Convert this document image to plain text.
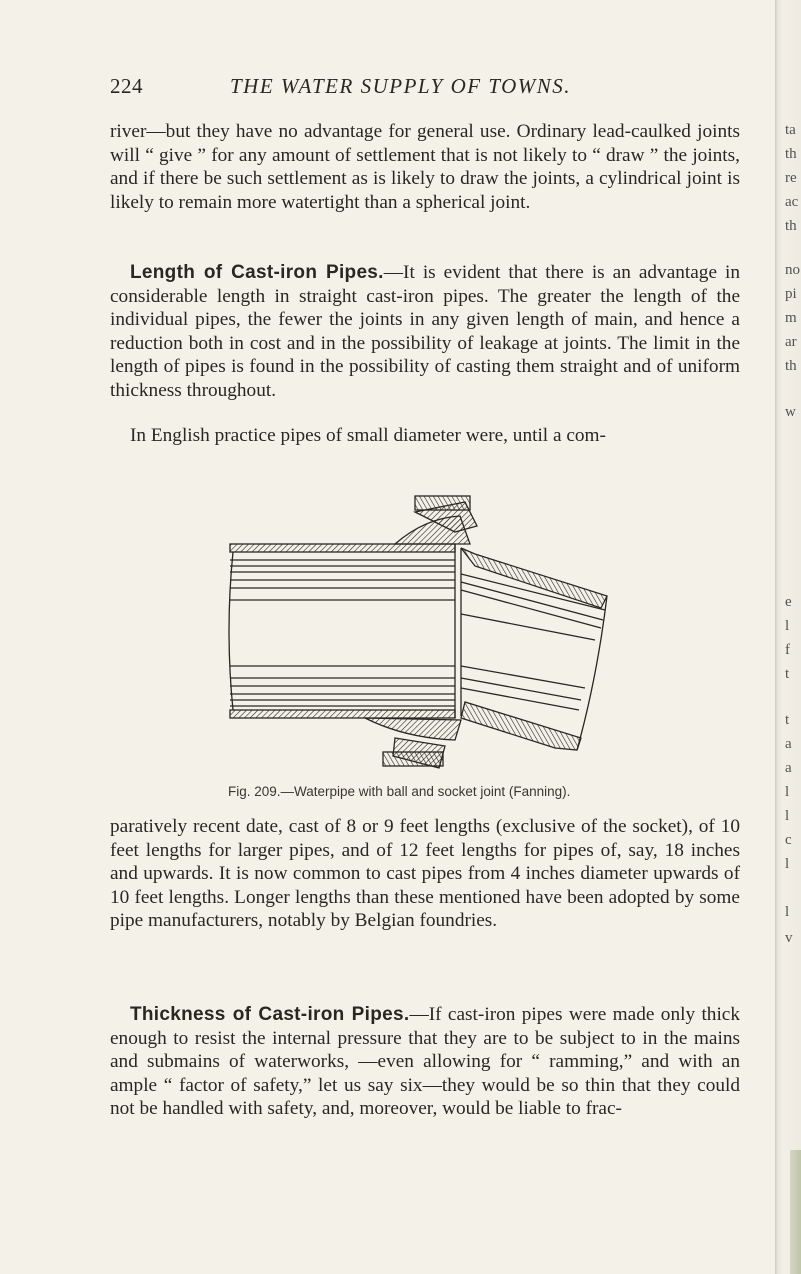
224	THE WATER SUPPLY OF TOWNS.

river—but they have no advantage for general use. Ordinary lead-caulked joints will “ give ” for any amount of settlement that is not likely to “ draw ” the joints, and if there be such settlement as is likely to draw the joints, a cylindrical joint is likely to remain more watertight than a spherical joint.

Length of Cast-iron Pipes.—It is evident that there is an advantage in considerable length in straight cast-iron pipes. The greater the length of the individual pipes, the fewer the joints in any given length of main, and hence a reduction both in cost and in the possibility of leakage at joints. The limit in the length of pipes is found in the possibility of casting them straight and of uniform thickness throughout.

In English practice pipes of small diameter were, until a com-

Fig. 209.—Waterpipe with ball and socket joint (Fanning).

paratively recent date, cast of 8 or 9 feet lengths (exclusive of the socket), of 10 feet lengths for larger pipes, and of 12 feet lengths for pipes of, say, 18 inches and upwards. It is now common to cast pipes from 4 inches diameter upwards of 10 feet lengths. Longer lengths than these mentioned have been adopted by some pipe manufacturers, notably by Belgian foundries.

Thickness of Cast-iron Pipes.—If cast-iron pipes were made only thick enough to resist the internal pressure that they are to be subject to in the mains and submains of waterworks, —even allowing for “ ramming,” and with an ample “ factor of safety,” let us say six—they would be so thin that they could not be handled with safety, and, moreover, would be liable to frac-

ta
th
re
ac
th
no
pi
m
ar
th
w
e
l
f
t
t
a
a
l
l
c
l
l
v
